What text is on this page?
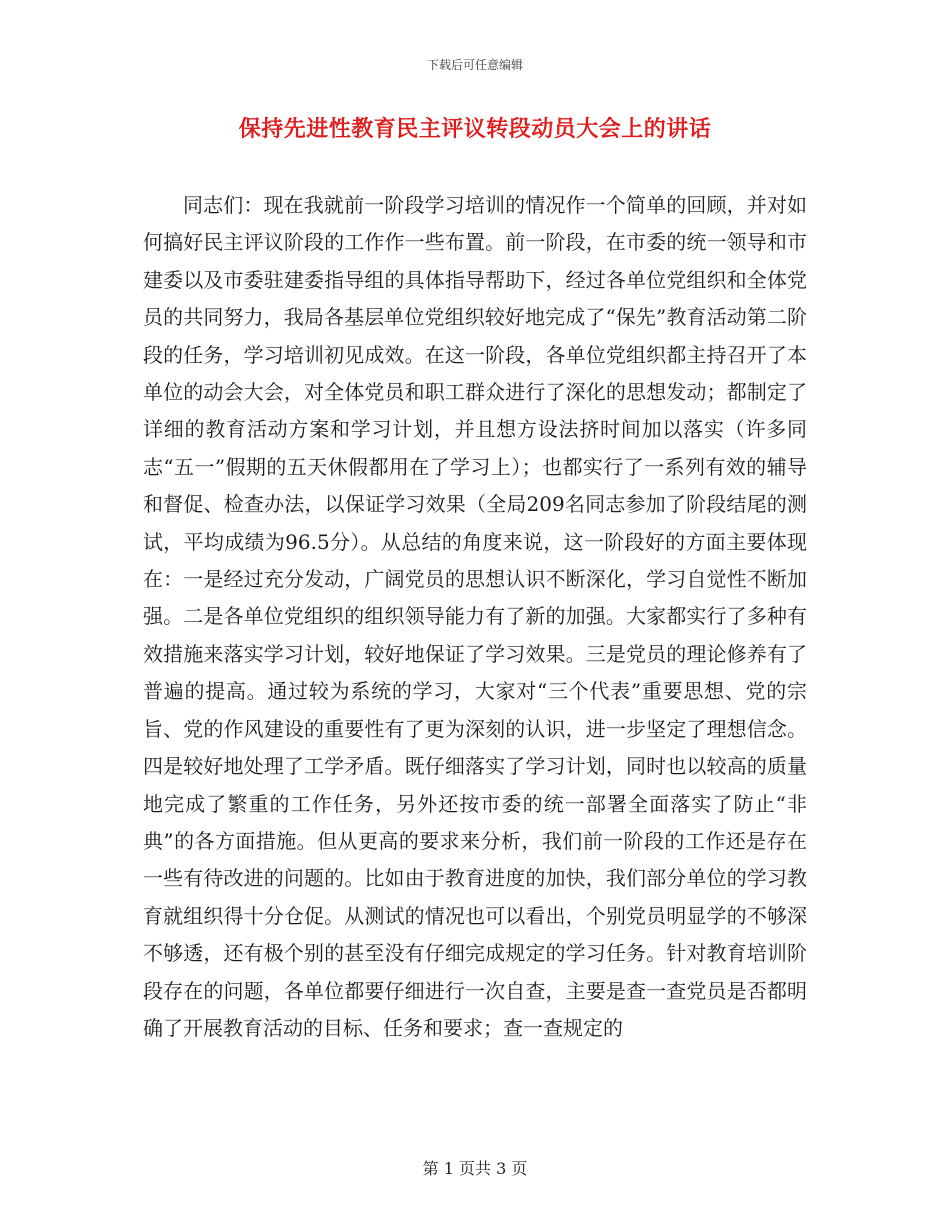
下载后可任意编辑
保持先进性教育民主评议转段动员大会上的讲话

同志们：现在我就前一阶段学习培训的情况作一个简单的回顾，并对如何搞好民主评议阶段的工作作一些布置。前一阶段，在市委的统一领导和市建委以及市委驻建委指导组的具体指导帮助下，经过各单位党组织和全体党员的共同努力，我局各基层单位党组织较好地完成了“保先”教育活动第二阶段的任务，学习培训初见成效。在这一阶段，各单位党组织都主持召开了本单位的动会大会，对全体党员和职工群众进行了深化的思想发动；都制定了详细的教育活动方案和学习计划，并且想方设法挤时间加以落实（许多同志“五一”假期的五天休假都用在了学习上）；也都实行了一系列有效的辅导和督促、检查办法，以保证学习效果（全局209名同志参加了阶段结尾的测试，平均成绩为96.5分）。从总结的角度来说，这一阶段好的方面主要体现在：一是经过充分发动，广阔党员的思想认识不断深化，学习自觉性不断加强。二是各单位党组织的组织领导能力有了新的加强。大家都实行了多种有效措施来落实学习计划，较好地保证了学习效果。三是党员的理论修养有了普遍的提高。通过较为系统的学习，大家对“三个代表”重要思想、党的宗旨、党的作风建设的重要性有了更为深刻的认识，进一步坚定了理想信念。四是较好地处理了工学矛盾。既仔细落实了学习计划，同时也以较高的质量地完成了繁重的工作任务，另外还按市委的统一部署全面落实了防止“非典”的各方面措施。但从更高的要求来分析，我们前一阶段的工作还是存在一些有待改进的问题的。比如由于教育进度的加快，我们部分单位的学习教育就组织得十分仓促。从测试的情况也可以看出，个别党员明显学的不够深不够透，还有极个别的甚至没有仔细完成规定的学习任务。针对教育培训阶段存在的问题，各单位都要仔细进行一次自查，主要是查一查党员是否都明确了开展教育活动的目标、任务和要求；查一查规定的

第 1 页共 3 页
